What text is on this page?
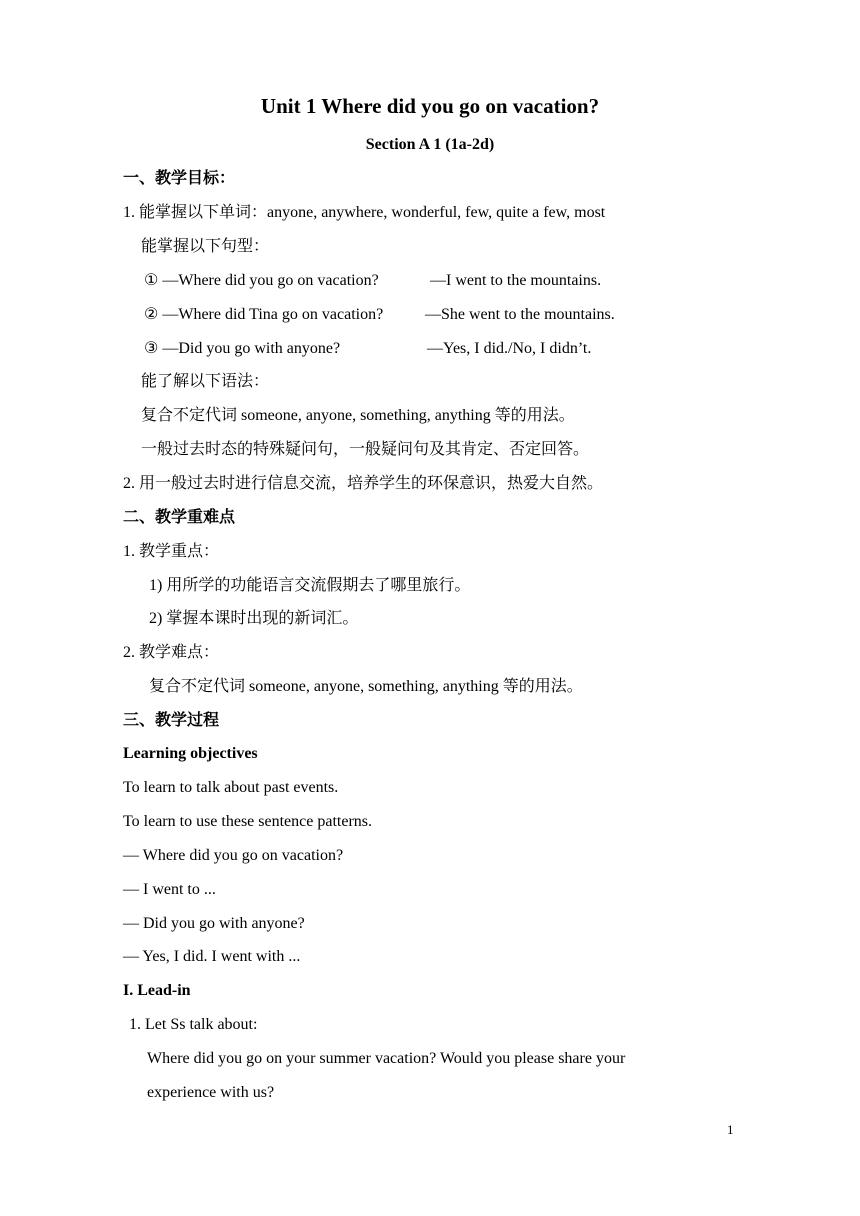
Unit 1 Where did you go on vacation?
Section A 1 (1a-2d)
一、教学目标：
1. 能掌握以下单词：anyone, anywhere, wonderful, few, quite a few, most
能掌握以下句型：
① —Where did you go on vacation?	—I went to the mountains.
② —Where did Tina go on vacation?	—She went to the mountains.
③ —Did you go with anyone?	—Yes, I did./No, I didn’t.
能了解以下语法：
复合不定代词 someone, anyone, something, anything 等的用法。
一般过去时态的特殊疑问句，一般疑问句及其肯定、否定回答。
2. 用一般过去时进行信息交流，培养学生的环保意识，热爱大自然。
二、教学重难点
1. 教学重点：
1) 用所学的功能语言交流假期去了哪里旅行。
2) 掌握本课时出现的新词汇。
2. 教学难点：
复合不定代词 someone, anyone, something, anything 等的用法。
三、教学过程
Learning objectives
To learn to talk about past events.
To learn to use these sentence patterns.
— Where did you go on vacation?
— I went to ...
— Did you go with anyone?
— Yes, I did. I went with ...
I. Lead-in
1. Let Ss talk about:
Where did you go on your summer vacation? Would you please share your
experience with us?
1
